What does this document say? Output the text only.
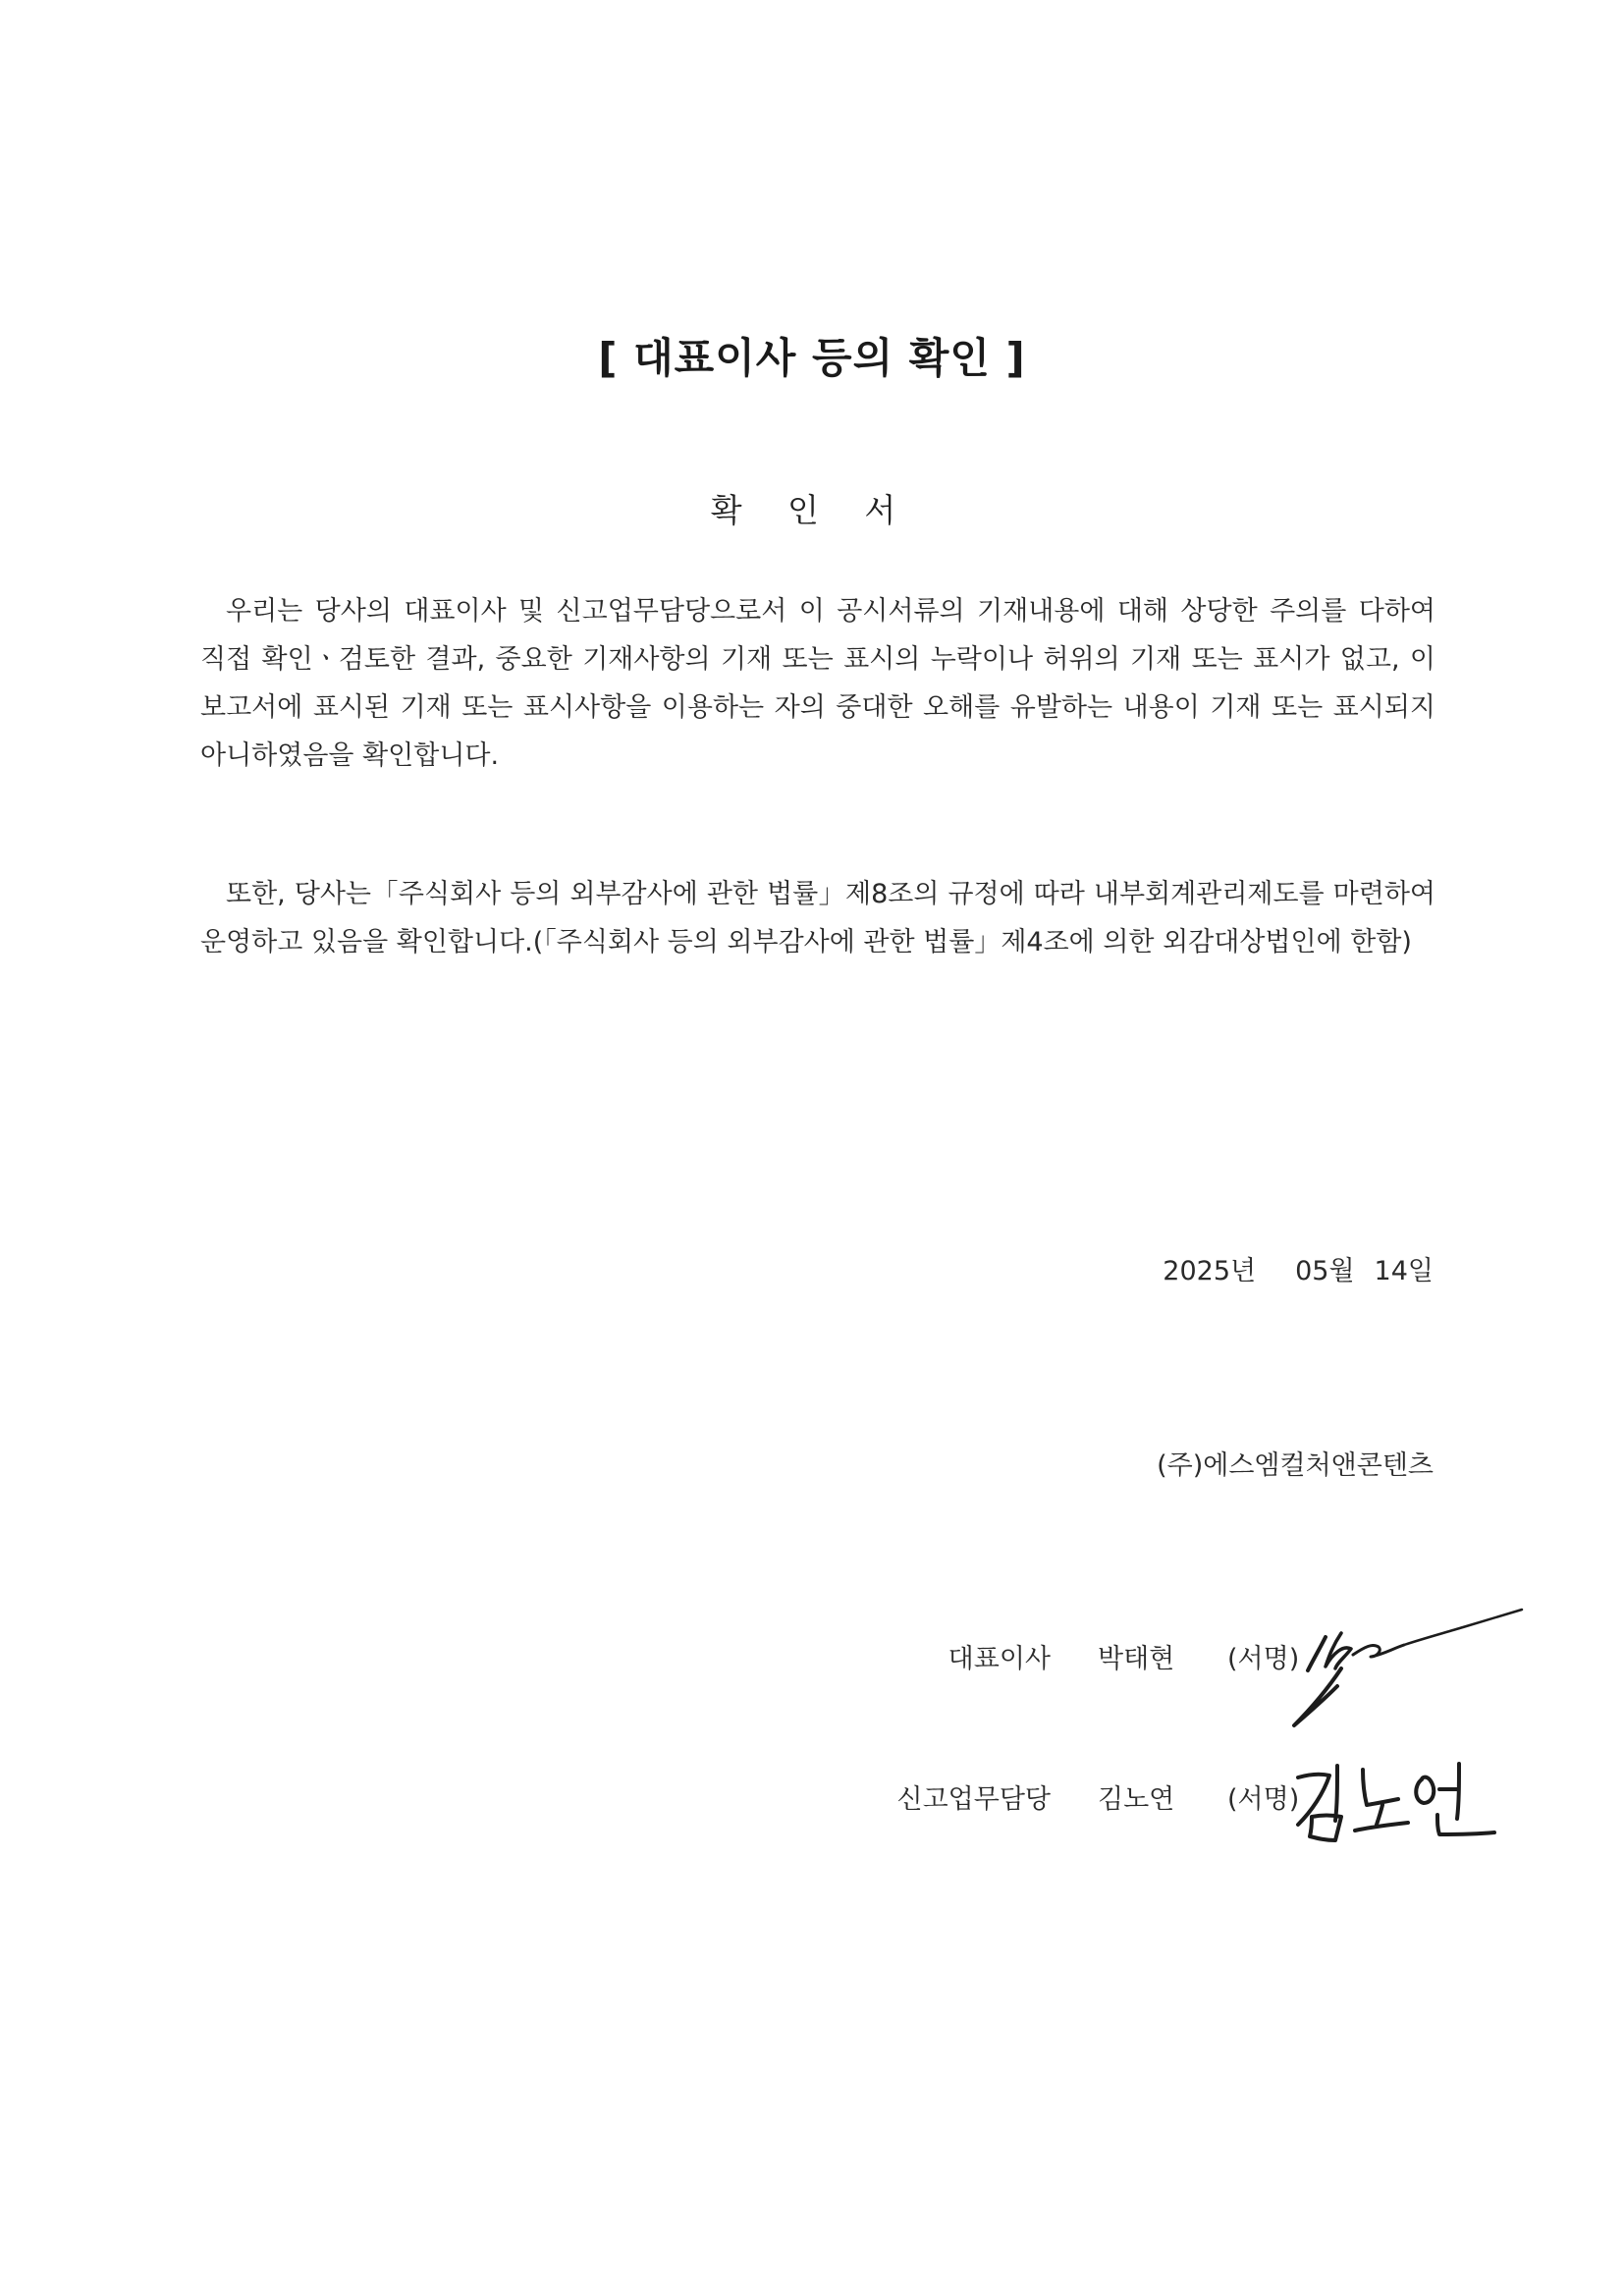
[ 대표이사 등의 확인 ]
확 인 서
우리는 당사의 대표이사 및 신고업무담당으로서 이 공시서류의 기재내용에 대해 상당한 주의를 다하여 직접 확인ㆍ검토한 결과, 중요한 기재사항의 기재 또는 표시의 누락이나 허위의 기재 또는 표시가 없고, 이 보고서에 표시된 기재 또는 표시사항을 이용하는 자의 중대한 오해를 유발하는 내용이 기재 또는 표시되지 아니하였음을 확인합니다.
또한, 당사는「주식회사 등의 외부감사에 관한 법률」제8조의 규정에 따라 내부회계관리제도를 마련하여 운영하고 있음을 확인합니다.(「주식회사 등의 외부감사에 관한 법률」제4조에 의한 외감대상법인에 한함)
2025년 05월 14일
(주)에스엠컬처앤콘텐츠
대표이사 박태현 (서명)
신고업무담당 김노연 (서명)
